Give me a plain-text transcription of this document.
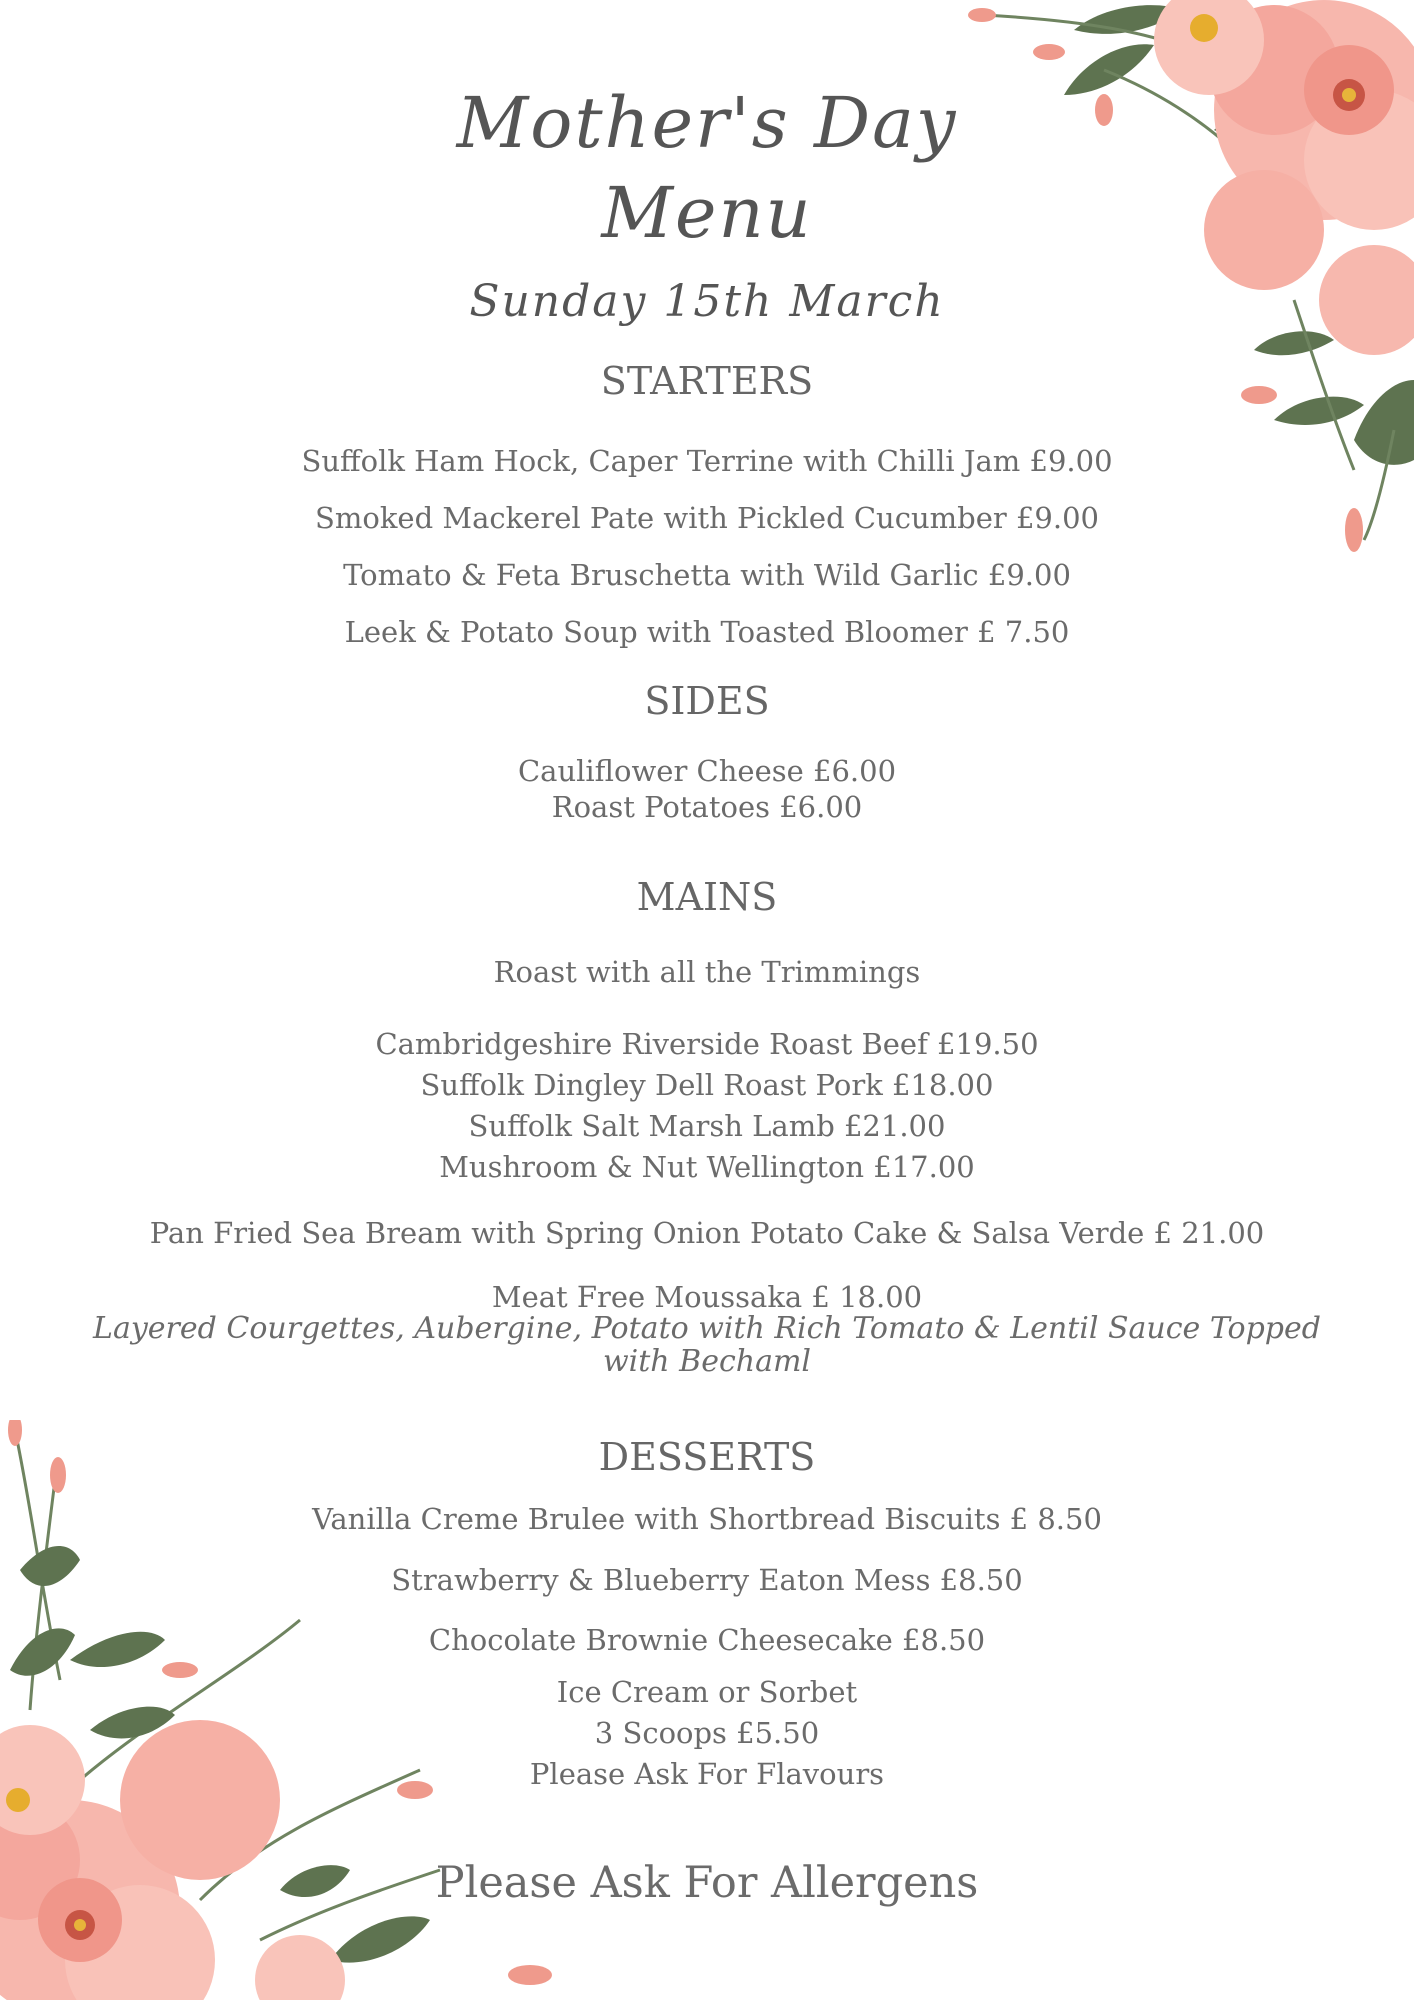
Mother's Day
Menu
Sunday 15th March
STARTERS
Suffolk Ham Hock, Caper Terrine with Chilli Jam £9.00
Smoked Mackerel Pate with Pickled Cucumber £9.00
Tomato & Feta Bruschetta with Wild Garlic £9.00
Leek & Potato Soup with Toasted Bloomer £ 7.50
SIDES
Cauliflower Cheese £6.00
Roast Potatoes £6.00
MAINS
Roast with all the Trimmings
Cambridgeshire Riverside Roast Beef £19.50
Suffolk Dingley Dell Roast Pork £18.00
Suffolk Salt Marsh Lamb £21.00
Mushroom & Nut Wellington £17.00
Pan Fried Sea Bream with Spring Onion Potato Cake & Salsa Verde £ 21.00
Meat Free Moussaka £ 18.00
Layered Courgettes, Aubergine, Potato with Rich Tomato & Lentil Sauce Topped
with Bechaml
DESSERTS
Vanilla Creme Brulee with Shortbread Biscuits £ 8.50
Strawberry & Blueberry Eaton Mess £8.50
Chocolate Brownie Cheesecake £8.50
Ice Cream or Sorbet
3 Scoops £5.50
Please Ask For Flavours
Please Ask For Allergens
